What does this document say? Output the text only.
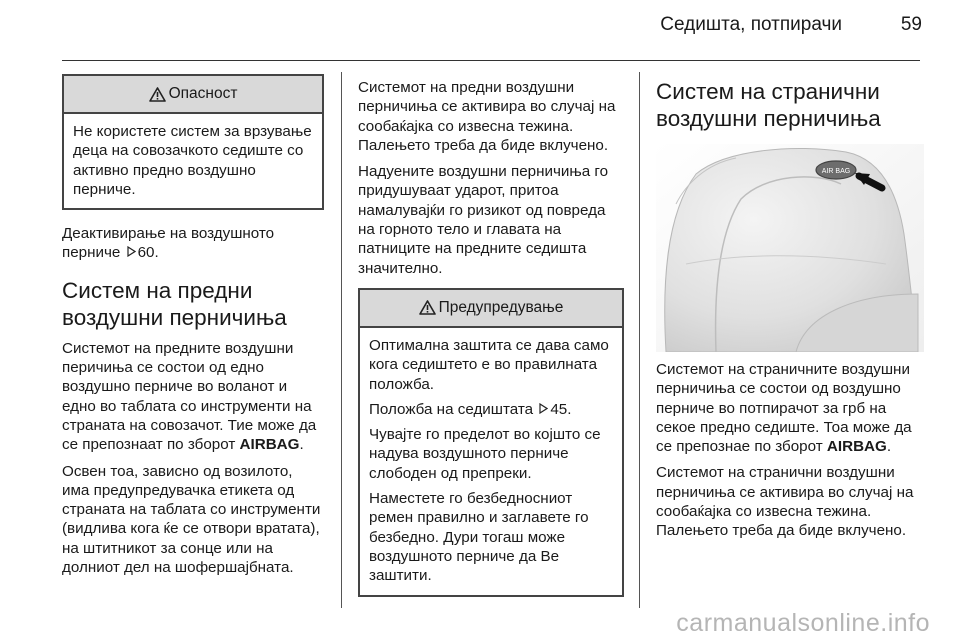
Седишта, потпирачи	59
Опасност

Не користете систем за врзување деца на совозачкото седиште со активно предно воздушно перниче.

Деактивирање на воздушното перниче 60.

Систем на предни воздушни перничиња

Системот на предните воздушни перичиња се состои од едно воздушно перниче во воланот и едно во таблата со инструменти на страната на совозачот. Тие може да се препознаат по зборот AIRBAG.

Освен тоа, зависно од возилото, има предупредувачка етикета од страната на таблата со инструменти (видлива кога ќе се отвори вратата), на штитникот за сонце или на долниот дел на шофершајбната.

Системот на предни воздушни перничиња се активира во случај на сообаќајка со извесна тежина. Палењето треба да биде вклучено.

Надуените воздушни перничиња го придушуваат ударот, притоа намалувајќи го ризикот од повреда на горното тело и главата на патниците на предните седишта значително.

Предупредување

Оптимална заштита се дава само кога седиштето е во правилната положба.

Положба на седиштата 45.

Чувајте го пределот во којшто се надува воздушното перниче слободен од препреки.

Наместете го безбедносниот ремен правилно и заглавете го безбедно. Дури тогаш може воздушното перниче да Ве заштити.

Систем на странични воздушни перничиња
AIR BAG

Системот на страничните воздушни перничиња се состои од воздушно перниче во потпирачот за грб на секое предно седиште. Тоа може да се препознае по зборот AIRBAG.

Системот на странични воздушни перничиња се активира во случај на сообаќајка со извесна тежина. Палењето треба да биде вклучено.

carmanualsonline.info
